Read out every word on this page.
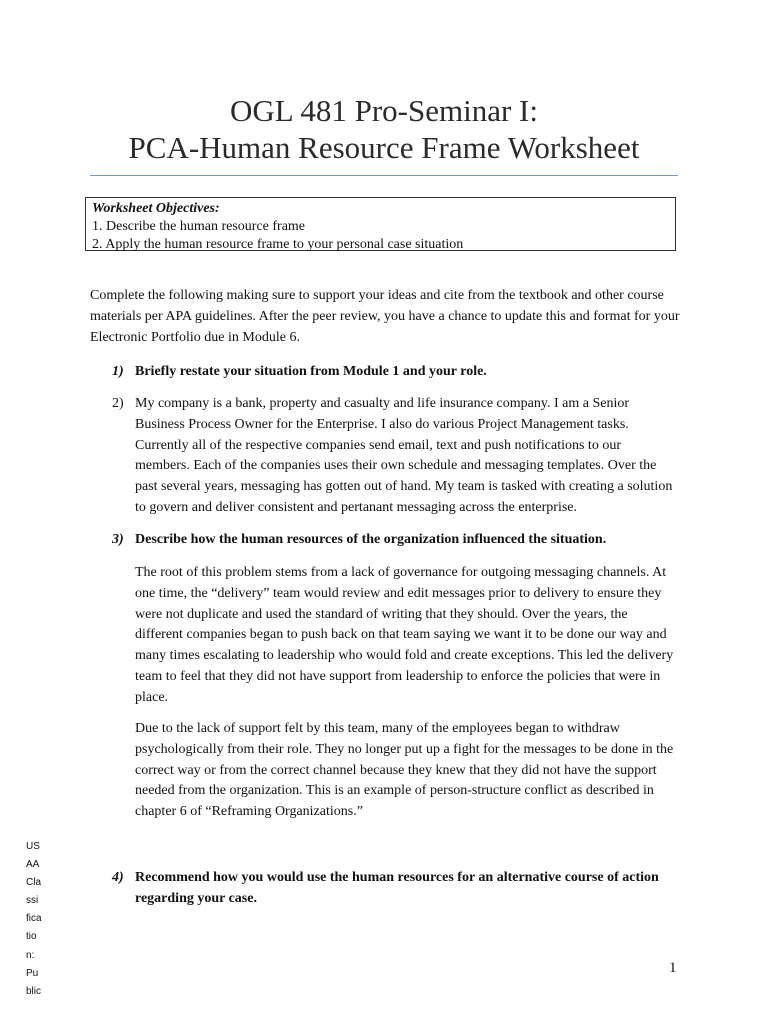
OGL 481 Pro-Seminar I:
PCA-Human Resource Frame Worksheet
Worksheet Objectives:
1. Describe the human resource frame
2. Apply the human resource frame to your personal case situation

Complete the following making sure to support your ideas and cite from the textbook and other course materials per APA guidelines. After the peer review, you have a chance to update this and format for your Electronic Portfolio due in Module 6.

1) Briefly restate your situation from Module 1 and your role.
2) My company is a bank, property and casualty and life insurance company. I am a Senior Business Process Owner for the Enterprise. I also do various Project Management tasks. Currently all of the respective companies send email, text and push notifications to our members. Each of the companies uses their own schedule and messaging templates. Over the past several years, messaging has gotten out of hand. My team is tasked with creating a solution to govern and deliver consistent and pertanant messaging across the enterprise.
3) Describe how the human resources of the organization influenced the situation.

The root of this problem stems from a lack of governance for outgoing messaging channels. At one time, the “delivery” team would review and edit messages prior to delivery to ensure they were not duplicate and used the standard of writing that they should. Over the years, the different companies began to push back on that team saying we want it to be done our way and many times escalating to leadership who would fold and create exceptions. This led the delivery team to feel that they did not have support from leadership to enforce the policies that were in place.

Due to the lack of support felt by this team, many of the employees began to withdraw psychologically from their role. They no longer put up a fight for the messages to be done in the correct way or from the correct channel because they knew that they did not have the support needed from the organization. This is an example of person-structure conflict as described in chapter 6 of “Reframing Organizations.”

4) Recommend how you would use the human resources for an alternative course of action regarding your case.
US
AA
Cla
ssi
fica
tio
n:
Pu
blic
1
